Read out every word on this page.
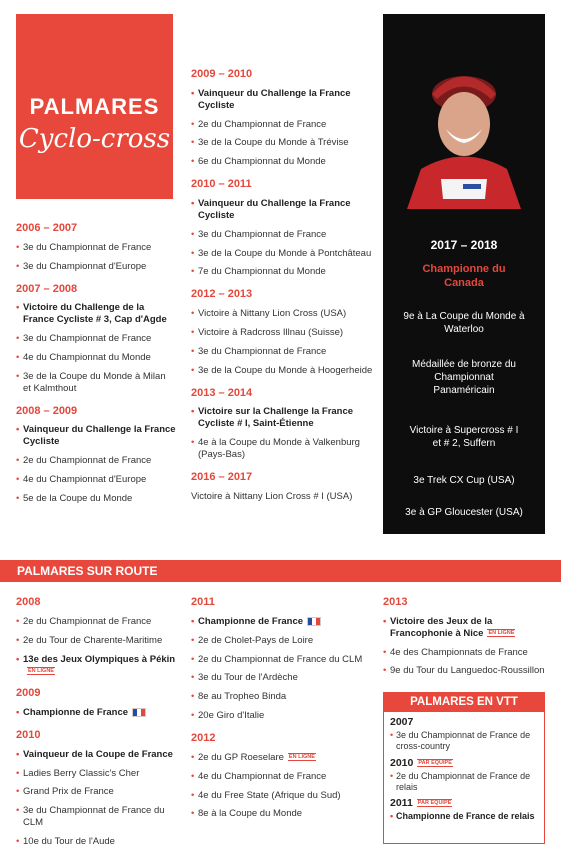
PALMARES
Cyclo-cross
2006 – 2007
• 3e du Championnat de France
• 3e du Championnat d'Europe
2007 – 2008
• Victoire du Challenge de la France Cycliste # 3, Cap d'Agde
• 3e du Championnat de France
• 4e du Championnat du Monde
• 3e de la Coupe du Monde à Milan et Kalmthout
2008 – 2009
• Vainqueur du Challenge la France Cycliste
• 2e du Championnat de France
• 4e du Championnat d'Europe
• 5e de la Coupe du Monde
2009 – 2010
• Vainqueur du Challenge la France Cycliste
• 2e du Championnat de France
• 3e de la Coupe du Monde à Trévise
• 6e du Championnat du Monde
2010 – 2011
• Vainqueur du Challenge la France Cycliste
• 3e du Championnat de France
• 3e de la Coupe du Monde à Pontchâteau
• 7e du Championnat du Monde
2012 – 2013
• Victoire à Nittany Lion Cross (USA)
• Victoire à Radcross Illnau (Suisse)
• 3e du Championnat de France
• 3e de la Coupe du Monde à Hoogerheide
2013 – 2014
• Victoire sur la Challenge la France Cycliste # I, Saint-Étienne
• 4e à la Coupe du Monde à Valkenburg (Pays-Bas)
2016 – 2017
Victoire à Nittany Lion Cross # I (USA)
2017 – 2018
Championne du Canada
9e à La Coupe du Monde à Waterloo
Médaillée de bronze du Championnat Panaméricain
Victoire à Supercross # I et # 2, Suffern
3e Trek CX Cup (USA)
3e à GP Gloucester (USA)
PALMARES SUR ROUTE
2008
• 2e du Championnat de France
• 2e du Tour de Charente-Maritime
• 13e des Jeux Olympiques à PékinEN LIGNE
2009
• Championne de France
2010
• Vainqueur de la Coupe de France
• Ladies Berry Classic's Cher
• Grand Prix de France
• 3e du Championnat de France du CLM
• 10e du Tour de l'Aude
2011
• Championne de France
• 2e de Cholet-Pays de Loire
• 2e du Championnat de France du CLM
• 3e du Tour de l'Ardèche
• 8e au Tropheo Binda
• 20e Giro d'Italie
2012
• 2e du GP Roeselare EN LIGNE
• 4e du Championnat de France
• 4e du Free State (Afrique du Sud)
• 8e à la Coupe du Monde
2013
• Victoire des Jeux de la Francophonie à Nice EN LIGNE
• 4e des Championnats de France
• 9e du Tour du Languedoc-Roussillon
PALMARES EN VTT
2007
• 3e du Championnat de France de cross-country
2010 PAR EQUIPE
• 2e du Championnat de France de relais
2011 PAR EQUIPE
• Championne de France de relais
